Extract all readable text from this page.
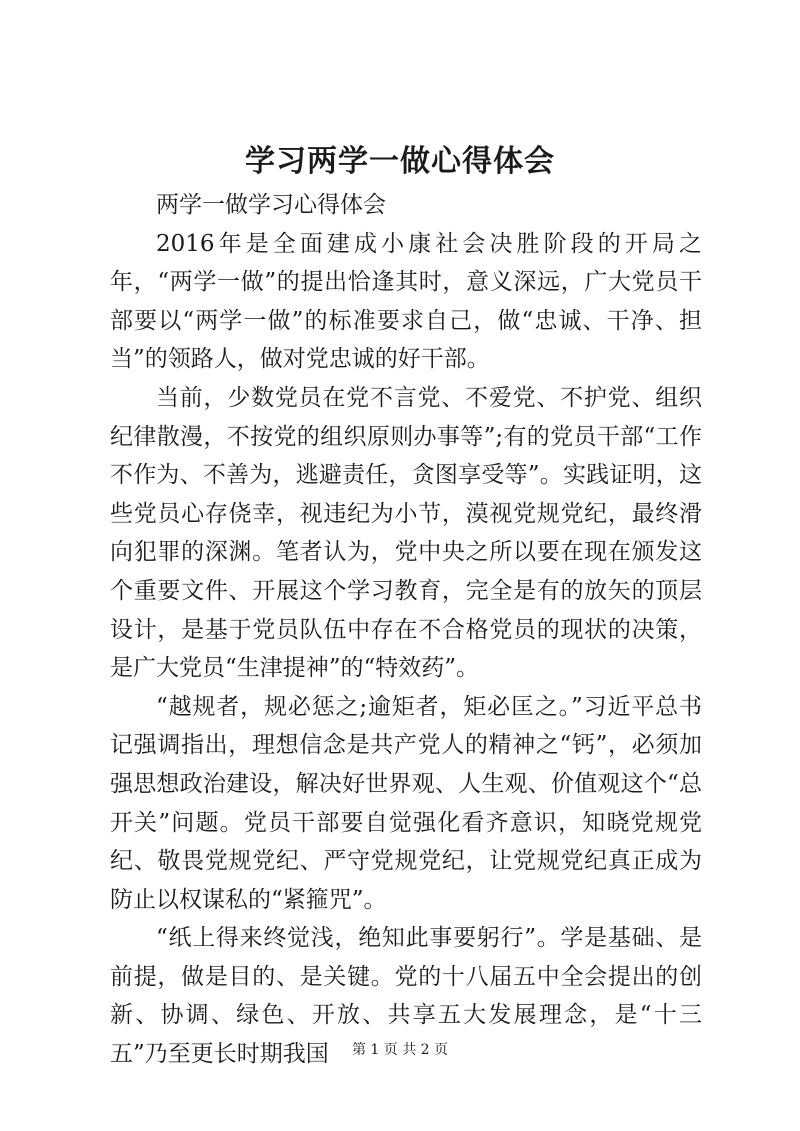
学习两学一做心得体会

两学一做学习心得体会

2016年是全面建成小康社会决胜阶段的开局之年，“两学一做”的提出恰逢其时，意义深远，广大党员干部要以“两学一做”的标准要求自己，做“忠诚、干净、担当”的领路人，做对党忠诚的好干部。

当前，少数党员在党不言党、不爱党、不护党、组织纪律散漫，不按党的组织原则办事等”;有的党员干部“工作不作为、不善为，逃避责任，贪图享受等”。实践证明，这些党员心存侥幸，视违纪为小节，漠视党规党纪，最终滑向犯罪的深渊。笔者认为，党中央之所以要在现在颁发这个重要文件、开展这个学习教育，完全是有的放矢的顶层设计，是基于党员队伍中存在不合格党员的现状的决策，是广大党员“生津提神”的“特效药”。

“越规者，规必惩之;逾矩者，矩必匡之。”习近平总书记强调指出，理想信念是共产党人的精神之“钙”，必须加强思想政治建设，解决好世界观、人生观、价值观这个“总开关”问题。党员干部要自觉强化看齐意识，知晓党规党纪、敬畏党规党纪、严守党规党纪，让党规党纪真正成为防止以权谋私的“紧箍咒”。

“纸上得来终觉浅，绝知此事要躬行”。学是基础、是前提，做是目的、是关键。党的十八届五中全会提出的创新、协调、绿色、开放、共享五大发展理念，是“十三五”乃至更长时期我国	第 1 页 共 2 页
